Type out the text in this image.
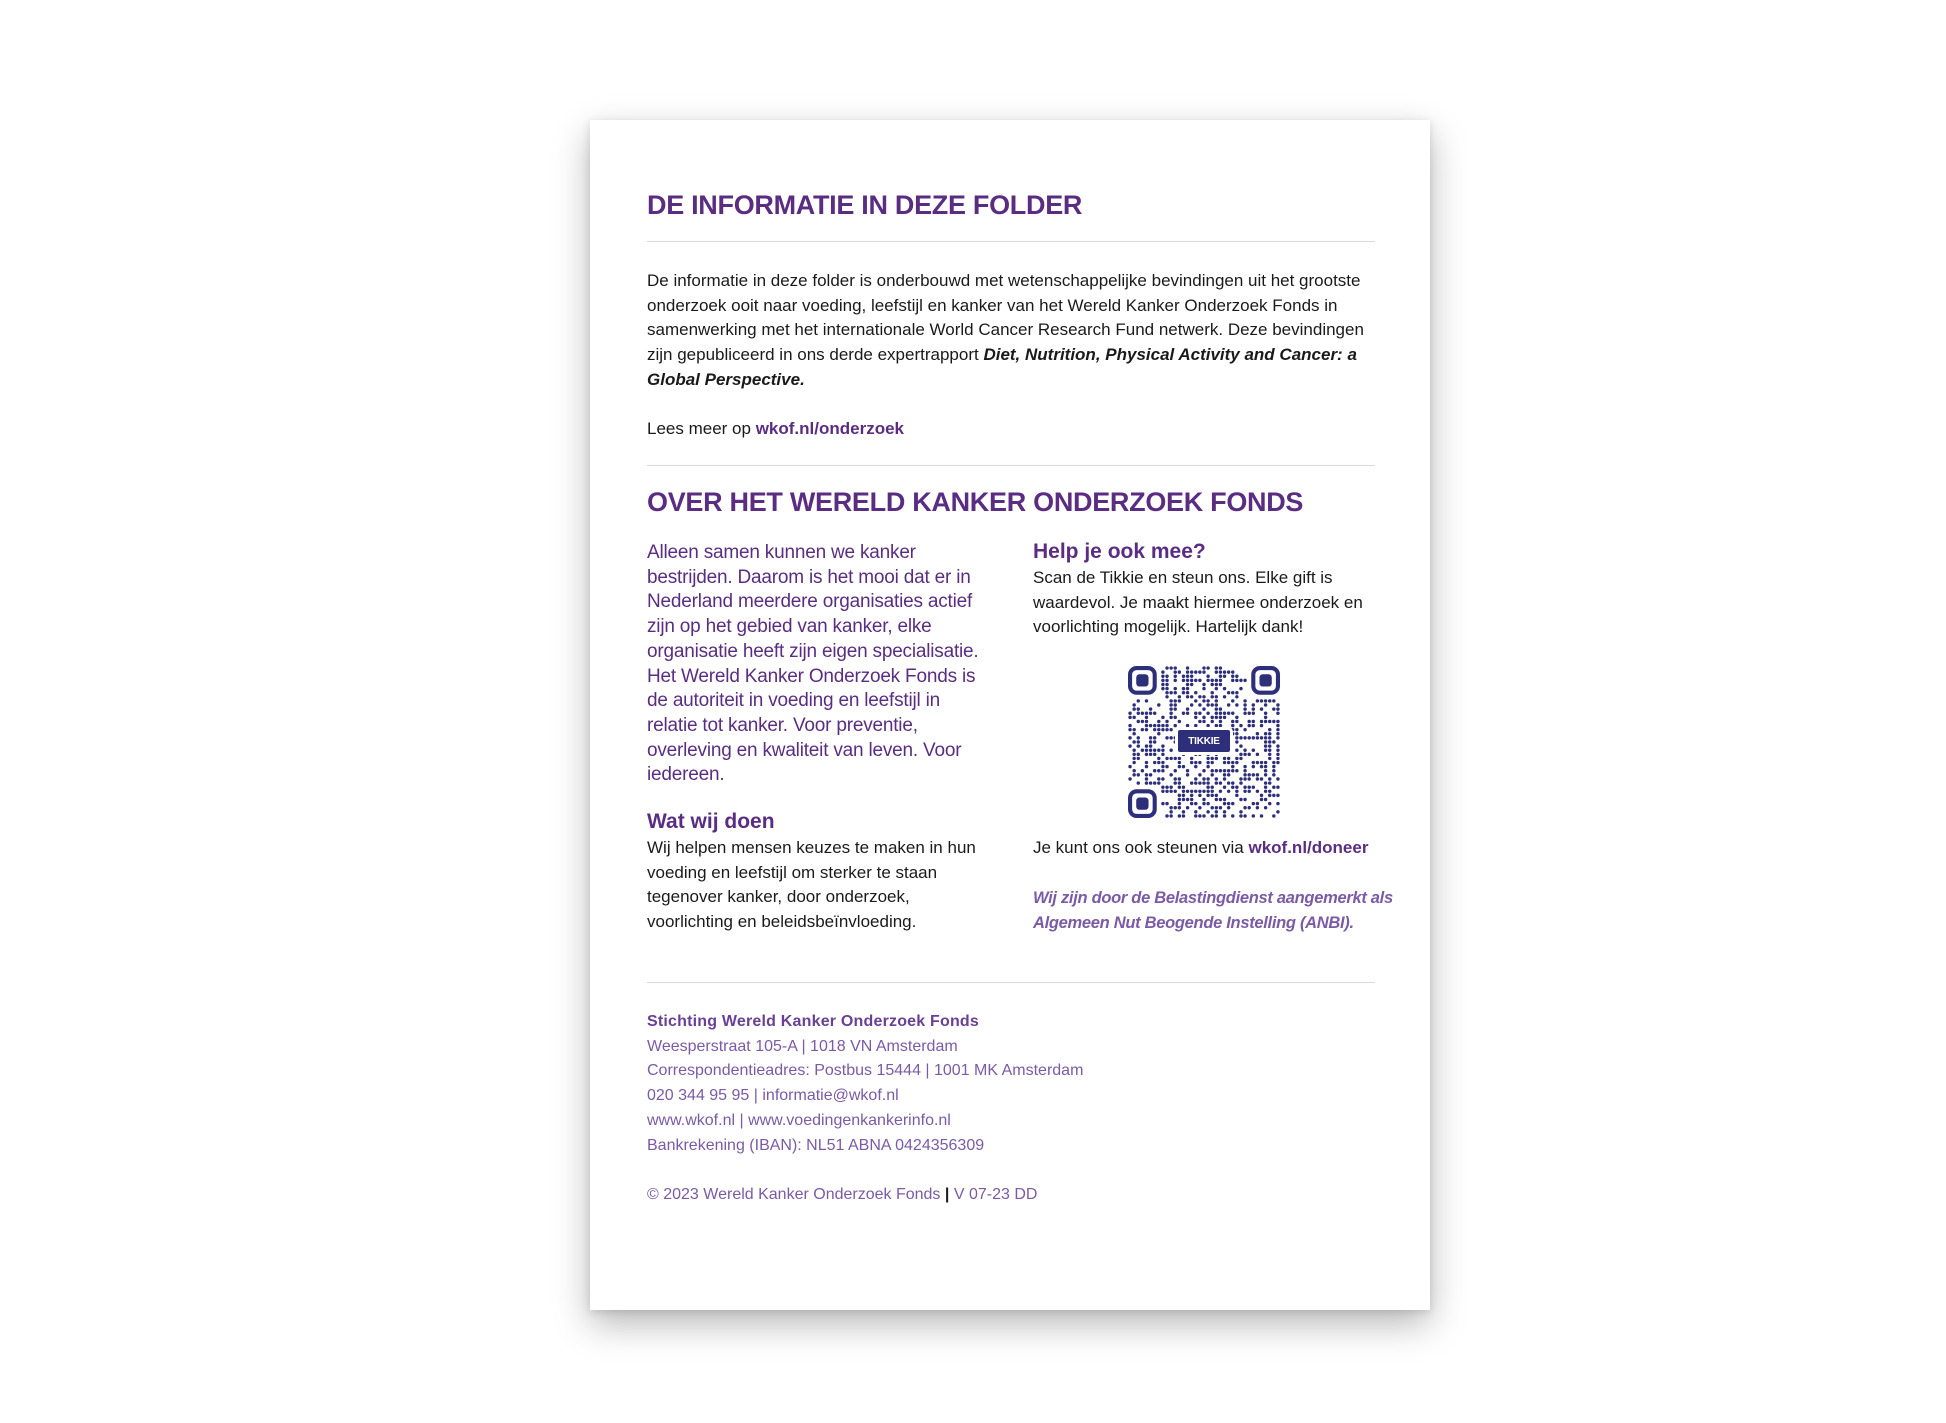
DE INFORMATIE IN DEZE FOLDER
De informatie in deze folder is onderbouwd met wetenschappelijke bevindingen uit het grootste onderzoek ooit naar voeding, leefstijl en kanker van het Wereld Kanker Onderzoek Fonds in samenwerking met het internationale World Cancer Research Fund netwerk. Deze bevindingen zijn gepubliceerd in ons derde expertrapport Diet, Nutrition, Physical Activity and Cancer: a Global Perspective.
Lees meer op wkof.nl/onderzoek
OVER HET WERELD KANKER ONDERZOEK FONDS
Alleen samen kunnen we kanker bestrijden. Daarom is het mooi dat er in Nederland meerdere organisaties actief zijn op het gebied van kanker, elke organisatie heeft zijn eigen specialisatie. Het Wereld Kanker Onderzoek Fonds is de autoriteit in voeding en leefstijl in relatie tot kanker. Voor preventie, overleving en kwaliteit van leven. Voor iedereen.
Wat wij doen
Wij helpen mensen keuzes te maken in hun voeding en leefstijl om sterker te staan tegenover kanker, door onderzoek, voorlichting en beleidsbeïnvloeding.
Help je ook mee?
Scan de Tikkie en steun ons. Elke gift is waardevol. Je maakt hiermee onderzoek en voorlichting mogelijk. Hartelijk dank!
TIKKIE
Je kunt ons ook steunen via wkof.nl/doneer
Wij zijn door de Belastingdienst aangemerkt als Algemeen Nut Beogende Instelling (ANBI).
Stichting Wereld Kanker Onderzoek Fonds
Weesperstraat 105-A | 1018 VN Amsterdam
Correspondentieadres: Postbus 15444 | 1001 MK Amsterdam
020 344 95 95 | informatie@wkof.nl
www.wkof.nl | www.voedingenkankerinfo.nl
Bankrekening (IBAN): NL51 ABNA 0424356309
© 2023 Wereld Kanker Onderzoek Fonds | V 07-23 DD
